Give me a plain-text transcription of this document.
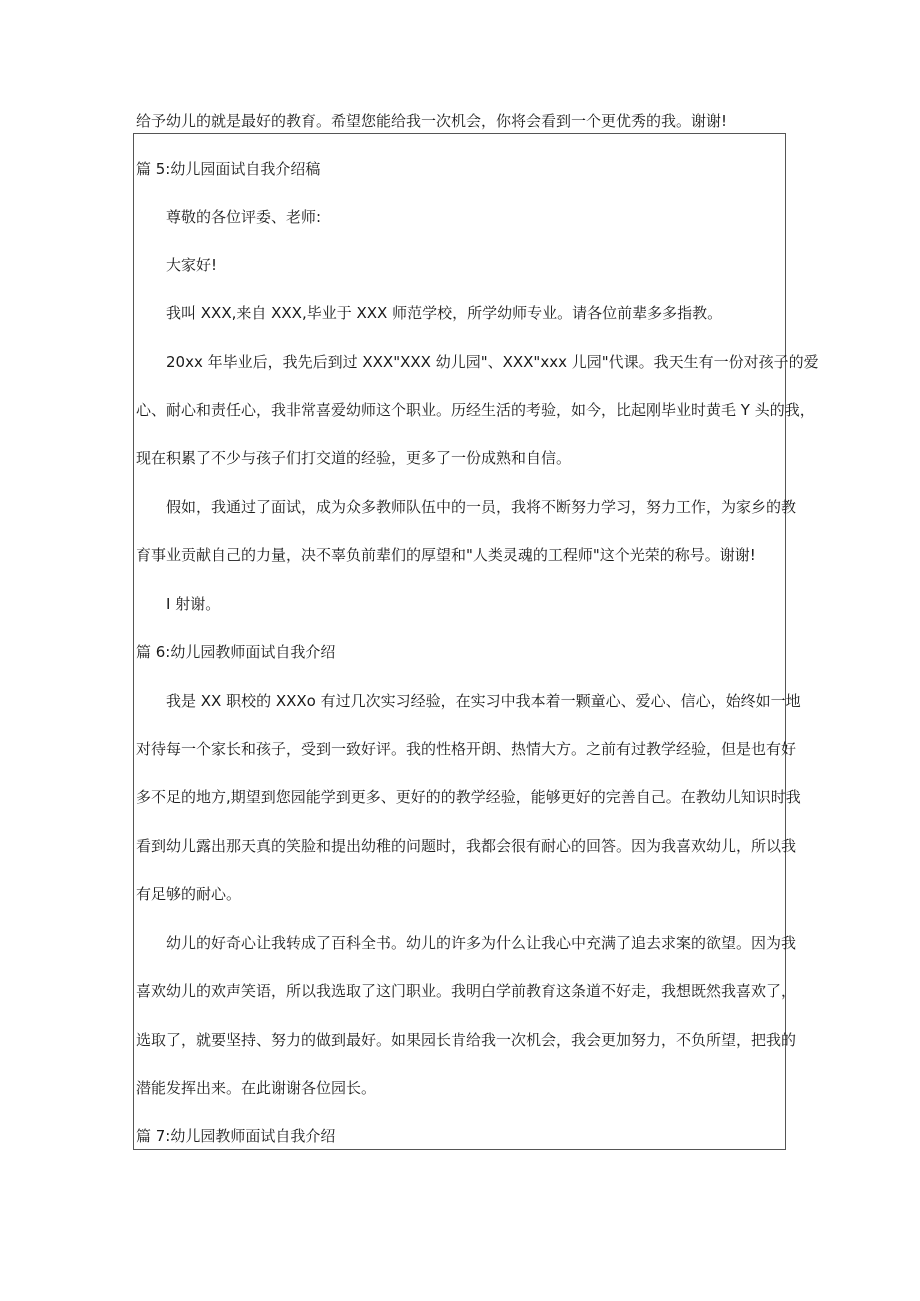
给予幼儿的就是最好的教育。希望您能给我一次机会，你将会看到一个更优秀的我。谢谢!
篇 5:幼儿园面试自我介绍稿
尊敬的各位评委、老师:
大家好!
我叫 XXX,来自 XXX,毕业于 XXX 师范学校，所学幼师专业。请各位前辈多多指教。
20xx 年毕业后，我先后到过 XXX"XXX 幼儿园"、XXX"xxx 儿园"代课。我天生有一份对孩子的爱
心、耐心和责任心，我非常喜爱幼师这个职业。历经生活的考验，如今，比起刚毕业时黄毛 Y 头的我，
现在积累了不少与孩子们打交道的经验，更多了一份成熟和自信。
假如，我通过了面试，成为众多教师队伍中的一员，我将不断努力学习，努力工作，为家乡的教
育事业贡献自己的力量，决不辜负前辈们的厚望和"人类灵魂的工程师"这个光荣的称号。谢谢!
I 射谢。
篇 6:幼儿园教师面试自我介绍
我是 XX 职校的 XXXo 有过几次实习经验，在实习中我本着一颗童心、爱心、信心，始终如一地
对待每一个家长和孩子，受到一致好评。我的性格开朗、热情大方。之前有过教学经验，但是也有好
多不足的地方,期望到您园能学到更多、更好的的教学经验，能够更好的完善自己。在教幼儿知识时我
看到幼儿露出那天真的笑脸和提出幼稚的问题时，我都会很有耐心的回答。因为我喜欢幼儿，所以我
有足够的耐心。
幼儿的好奇心让我转成了百科全书。幼儿的许多为什么让我心中充满了追去求案的欲望。因为我
喜欢幼儿的欢声笑语，所以我选取了这门职业。我明白学前教育这条道不好走，我想既然我喜欢了，
选取了，就要坚持、努力的做到最好。如果园长肯给我一次机会，我会更加努力，不负所望，把我的
潜能发挥出来。在此谢谢各位园长。
篇 7:幼儿园教师面试自我介绍
